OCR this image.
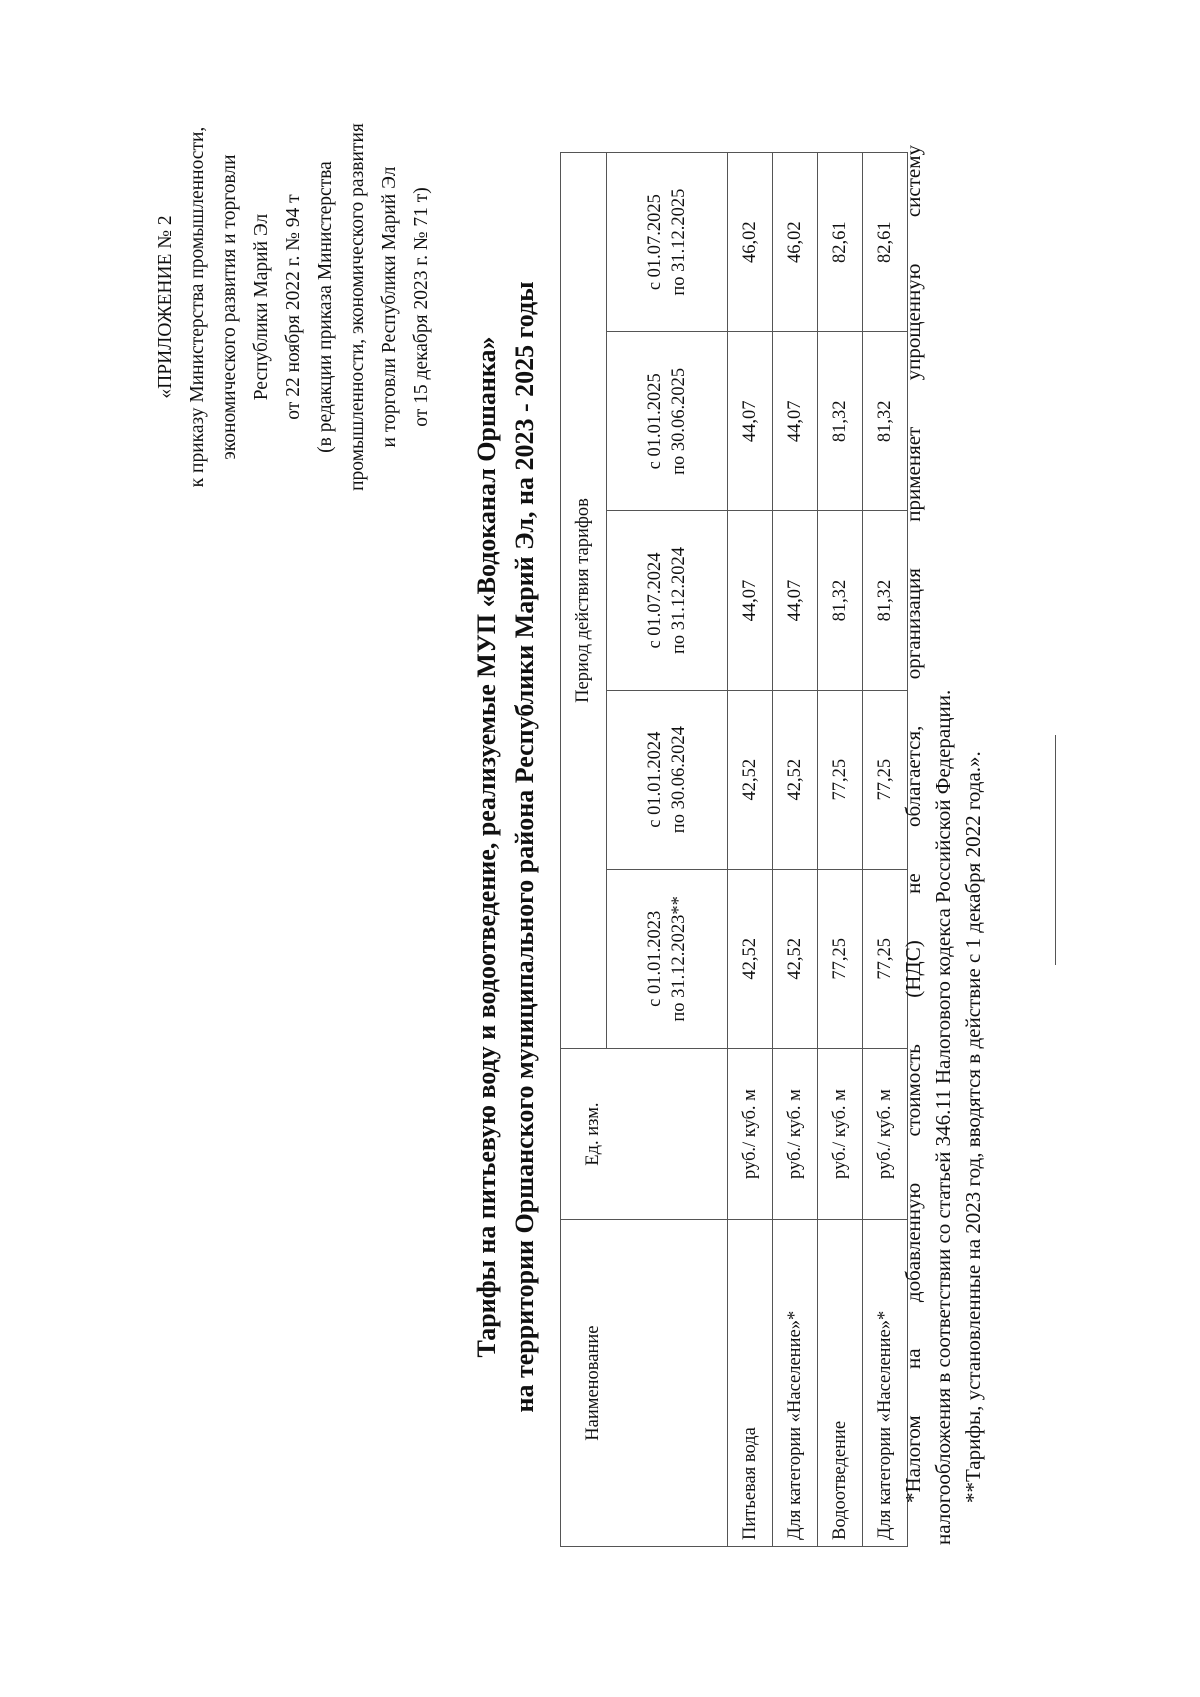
«ПРИЛОЖЕНИЕ № 2 к приказу Министерства промышленности, экономического развития и торговли Республики Марий Эл от 22 ноября 2022 г. № 94 т (в редакции приказа Министерства промышленности, экономического развития и торговли Республики Марий Эл от 15 декабря 2023 г. № 71 т)
Тарифы на питьевую воду и водоотведение, реализуемые МУП «Водоканал Оршанка» на территории Оршанского муниципального района Республики Марий Эл, на 2023 - 2025 годы Наименование	Ед. изм.	Период действия тарифов				

		с 01.01.2023 по 31.12.2023**	с 01.01.2024 по 30.06.2024	с 01.07.2024 по 31.12.2024	с 01.01.2025 по 30.06.2025	с 01.07.2025 по 31.12.2025

Питьевая вода	руб./ куб. м	42,52	42,52	44,07	44,07	46,02
Для категории «Население»*	руб./ куб. м	42,52	42,52	44,07	44,07	46,02
Водоотведение	руб./ куб. м	77,25	77,25	81,32	81,32	82,61
Для категории «Население»*	руб./ куб. м	77,25	77,25	81,32	81,32	82,61 *Налогом на добавленную стоимость (НДС) не облагается, организация применяет упрощенную систему налогообложения в соответствии со статьей 346.11 Налогового кодекса Российской Федерации. **Тарифы, установленные на 2023 год, вводятся в действие с 1 декабря 2022 года.».
